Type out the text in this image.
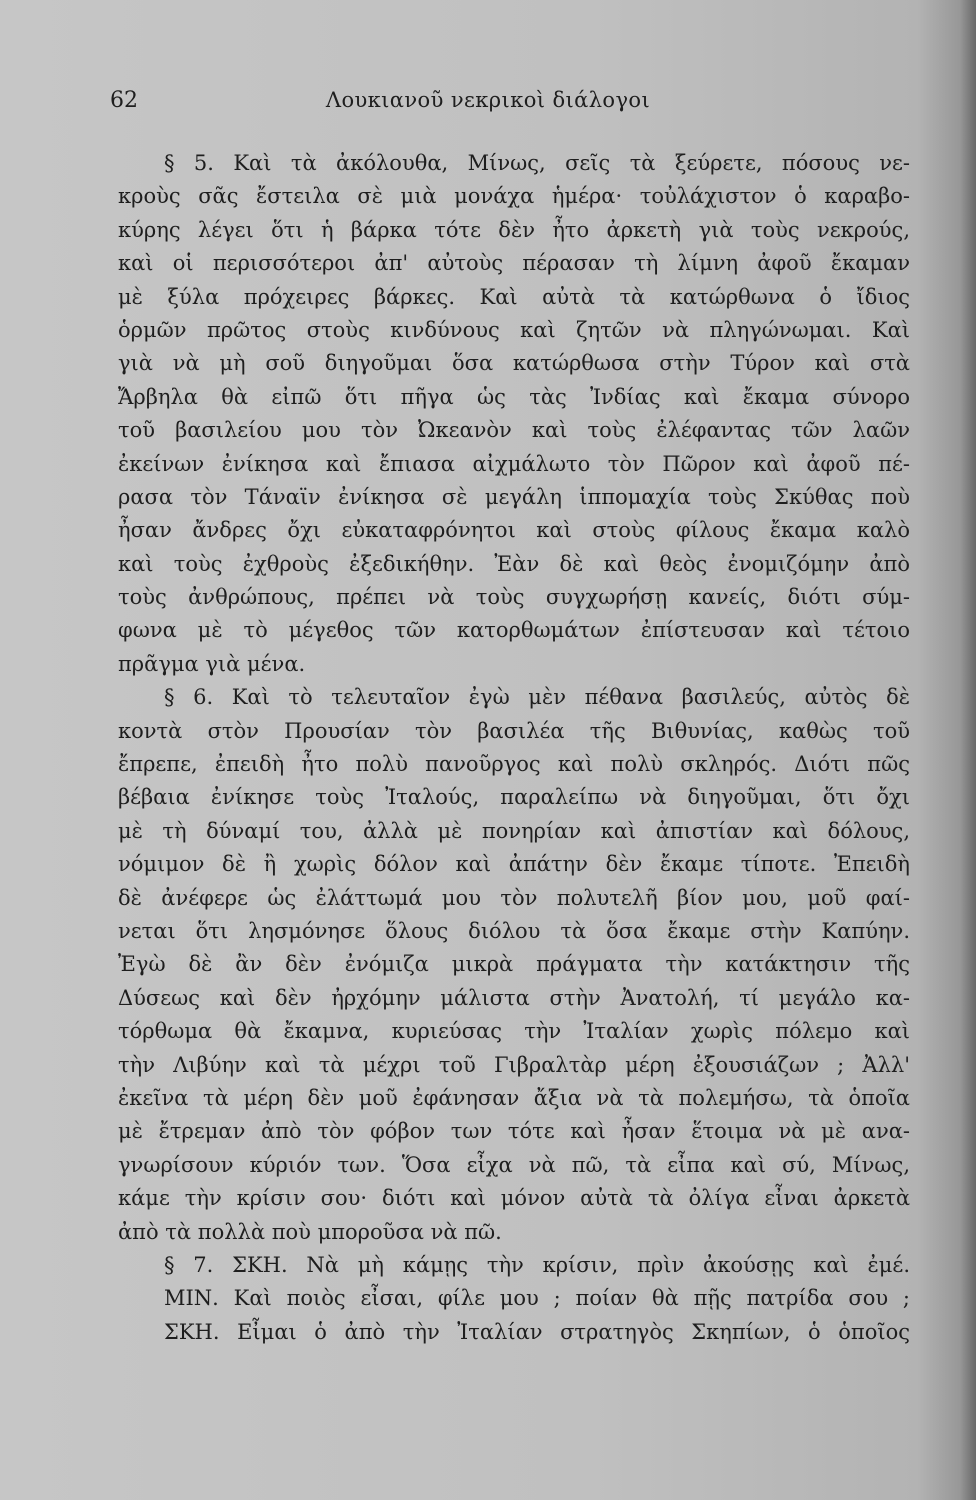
62	Λουκιανοῦ νεκρικοὶ διάλογοι
§ 5. Καὶ τὰ ἀκόλουθα, Μίνως, σεῖς τὰ ξεύρετε, πόσους νε-
κροὺς σᾶς ἔστειλα σὲ μιὰ μονάχα ἡμέρα· τοὐλάχιστον ὁ καραβο-
κύρης λέγει ὅτι ἡ βάρκα τότε δὲν ἦτο ἀρκετὴ γιὰ τοὺς νεκρούς,
καὶ οἱ περισσότεροι ἀπ' αὐτοὺς πέρασαν τὴ λίμνη ἀφοῦ ἔκαμαν
μὲ ξύλα πρόχειρες βάρκες. Καὶ αὐτὰ τὰ κατώρθωνα ὁ ἴδιος
ὁρμῶν πρῶτος στοὺς κινδύνους καὶ ζητῶν νὰ πληγώνωμαι. Καὶ
γιὰ νὰ μὴ σοῦ διηγοῦμαι ὅσα κατώρθωσα στὴν Τύρον καὶ στὰ
Ἄρβηλα θὰ εἰπῶ ὅτι πῆγα ὡς τὰς Ἰνδίας καὶ ἔκαμα σύνορο
τοῦ βασιλείου μου τὸν Ὠκεανὸν καὶ τοὺς ἐλέφαντας τῶν λαῶν
ἐκείνων ἐνίκησα καὶ ἔπιασα αἰχμάλωτο τὸν Πῶρον καὶ ἀφοῦ πέ-
ρασα τὸν Τάναϊν ἐνίκησα σὲ μεγάλη ἱππομαχία τοὺς Σκύθας ποὺ
ἦσαν ἄνδρες ὄχι εὐκαταφρόνητοι καὶ στοὺς φίλους ἔκαμα καλὸ
καὶ τοὺς ἐχθροὺς ἐξεδικήθην. Ἐὰν δὲ καὶ θεὸς ἐνομιζόμην ἀπὸ
τοὺς ἀνθρώπους, πρέπει νὰ τοὺς συγχωρήσῃ κανείς, διότι σύμ-
φωνα μὲ τὸ μέγεθος τῶν κατορθωμάτων ἐπίστευσαν καὶ τέτοιο
πρᾶγμα γιὰ μένα.
§ 6. Καὶ τὸ τελευταῖον ἐγὼ μὲν πέθανα βασιλεύς, αὐτὸς δὲ
κοντὰ στὸν Προυσίαν τὸν βασιλέα τῆς Βιθυνίας, καθὼς τοῦ
ἔπρεπε, ἐπειδὴ ἦτο πολὺ πανοῦργος καὶ πολὺ σκληρός. Διότι πῶς
βέβαια ἐνίκησε τοὺς Ἰταλούς, παραλείπω νὰ διηγοῦμαι, ὅτι ὄχι
μὲ τὴ δύναμί του, ἀλλὰ μὲ πονηρίαν καὶ ἀπιστίαν καὶ δόλους,
νόμιμον δὲ ἢ χωρὶς δόλον καὶ ἀπάτην δὲν ἔκαμε τίποτε. Ἐπειδὴ
δὲ ἀνέφερε ὡς ἐλάττωμά μου τὸν πολυτελῆ βίον μου, μοῦ φαί-
νεται ὅτι λησμόνησε ὅλους διόλου τὰ ὅσα ἔκαμε στὴν Καπύην.
Ἐγὼ δὲ ἂν δὲν ἐνόμιζα μικρὰ πράγματα τὴν κατάκτησιν τῆς
Δύσεως καὶ δὲν ἠρχόμην μάλιστα στὴν Ἀνατολή, τί μεγάλο κα-
τόρθωμα θὰ ἔκαμνα, κυριεύσας τὴν Ἰταλίαν χωρὶς πόλεμο καὶ
τὴν Λιβύην καὶ τὰ μέχρι τοῦ Γιβραλτὰρ μέρη ἐξουσιάζων ; Ἀλλ'
ἐκεῖνα τὰ μέρη δὲν μοῦ ἐφάνησαν ἄξια νὰ τὰ πολεμήσω, τὰ ὁποῖα
μὲ ἔτρεμαν ἀπὸ τὸν φόβον των τότε καὶ ἦσαν ἕτοιμα νὰ μὲ ανα-
γνωρίσουν κύριόν των. Ὅσα εἶχα νὰ πῶ, τὰ εἶπα καὶ σύ, Μίνως,
κάμε τὴν κρίσιν σου· διότι καὶ μόνον αὐτὰ τὰ ὀλίγα εἶναι ἀρκετὰ
ἀπὸ τὰ πολλὰ ποὺ μποροῦσα νὰ πῶ.
§ 7. ΣΚΗ. Νὰ μὴ κάμῃς τὴν κρίσιν, πρὶν ἀκούσῃς καὶ ἐμέ.
ΜΙΝ. Καὶ ποιὸς εἶσαι, φίλε μου ; ποίαν θὰ πῇς πατρίδα σου ;
ΣΚΗ. Εἶμαι ὁ ἀπὸ τὴν Ἰταλίαν στρατηγὸς Σκηπίων, ὁ ὁποῖος
